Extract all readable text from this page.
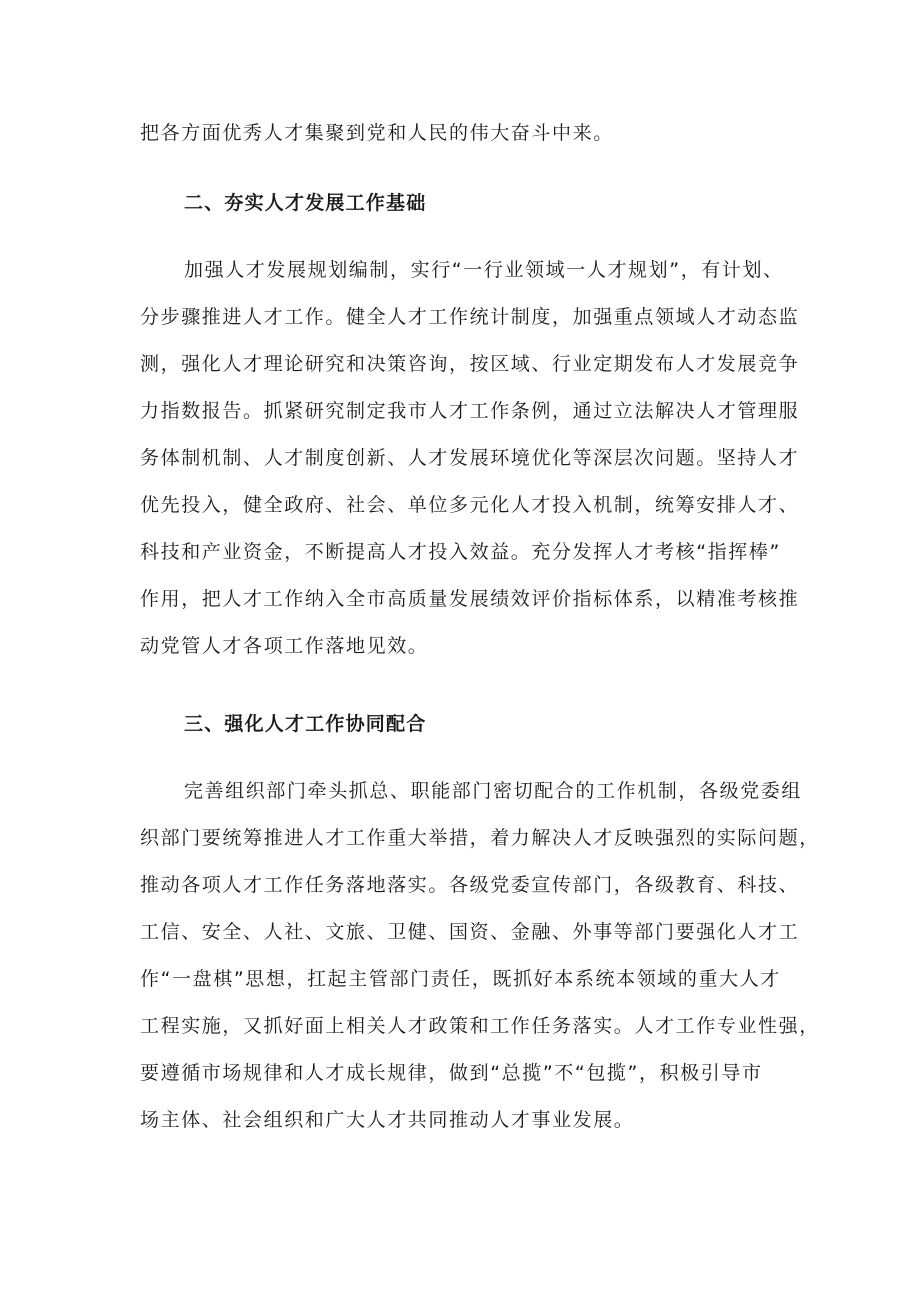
把各方面优秀人才集聚到党和人民的伟大奋斗中来。
二、夯实人才发展工作基础
加强人才发展规划编制，实行“一行业领域一人才规划”，有计划、
分步骤推进人才工作。健全人才工作统计制度，加强重点领域人才动态监
测，强化人才理论研究和决策咨询，按区域、行业定期发布人才发展竞争
力指数报告。抓紧研究制定我市人才工作条例，通过立法解决人才管理服
务体制机制、人才制度创新、人才发展环境优化等深层次问题。坚持人才
优先投入，健全政府、社会、单位多元化人才投入机制，统筹安排人才、
科技和产业资金，不断提高人才投入效益。充分发挥人才考核“指挥棒”
作用，把人才工作纳入全市高质量发展绩效评价指标体系，以精准考核推
动党管人才各项工作落地见效。
三、强化人才工作协同配合
完善组织部门牵头抓总、职能部门密切配合的工作机制，各级党委组
织部门要统筹推进人才工作重大举措，着力解决人才反映强烈的实际问题，
推动各项人才工作任务落地落实。各级党委宣传部门，各级教育、科技、
工信、安全、人社、文旅、卫健、国资、金融、外事等部门要强化人才工
作“一盘棋”思想，扛起主管部门责任，既抓好本系统本领域的重大人才
工程实施，又抓好面上相关人才政策和工作任务落实。人才工作专业性强，
要遵循市场规律和人才成长规律，做到“总揽”不“包揽”，积极引导市
场主体、社会组织和广大人才共同推动人才事业发展。
